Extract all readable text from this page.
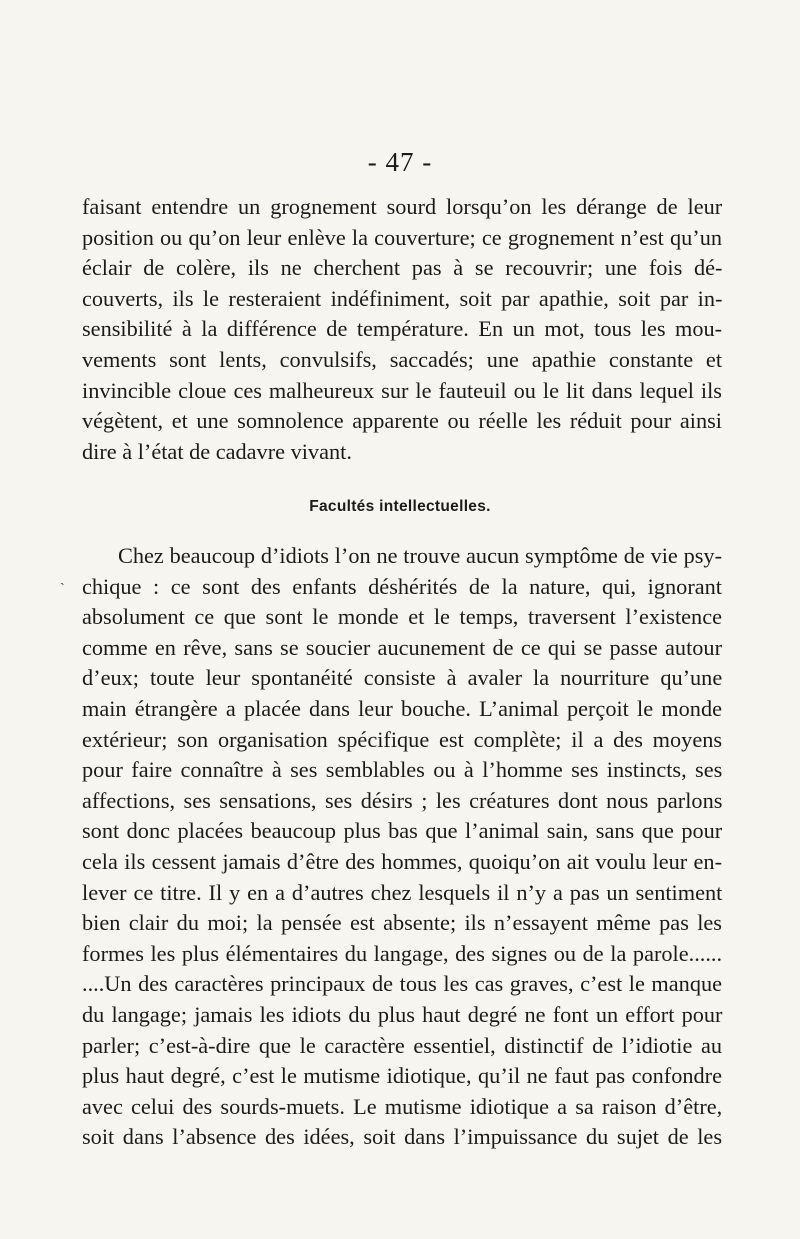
- 47 -
faisant entendre un grognement sourd lorsqu’on les dérange de leur
position ou qu’on leur enlève la couverture; ce grognement n’est qu’un
éclair de colère, ils ne cherchent pas à se recouvrir; une fois dé-
couverts, ils le resteraient indéfiniment, soit par apathie, soit par in-
sensibilité à la différence de température. En un mot, tous les mou-
vements sont lents, convulsifs, saccadés; une apathie constante et
invincible cloue ces malheureux sur le fauteuil ou le lit dans lequel ils
végètent, et une somnolence apparente ou réelle les réduit pour ainsi
dire à l’état de cadavre vivant.
Facultés intellectuelles.
ˏ
Chez beaucoup d’idiots l’on ne trouve aucun symptôme de vie psy-
chique : ce sont des enfants déshérités de la nature, qui, ignorant
absolument ce que sont le monde et le temps, traversent l’existence
comme en rêve, sans se soucier aucunement de ce qui se passe autour
d’eux; toute leur spontanéité consiste à avaler la nourriture qu’une
main étrangère a placée dans leur bouche. L’animal perçoit le monde
extérieur; son organisation spécifique est complète; il a des moyens
pour faire connaître à ses semblables ou à l’homme ses instincts, ses
affections, ses sensations, ses désirs ; les créatures dont nous parlons
sont donc placées beaucoup plus bas que l’animal sain, sans que pour
cela ils cessent jamais d’être des hommes, quoiqu’on ait voulu leur en-
lever ce titre. Il y en a d’autres chez lesquels il n’y a pas un sentiment
bien clair du moi; la pensée est absente; ils n’essayent même pas les
formes les plus élémentaires du langage, des signes ou de la parole......
....Un des caractères principaux de tous les cas graves, c’est le manque
du langage; jamais les idiots du plus haut degré ne font un effort pour
parler; c’est-à-dire que le caractère essentiel, distinctif de l’idiotie au
plus haut degré, c’est le mutisme idiotique, qu’il ne faut pas confondre
avec celui des sourds-muets. Le mutisme idiotique a sa raison d’être,
soit dans l’absence des idées, soit dans l’impuissance du sujet de les
